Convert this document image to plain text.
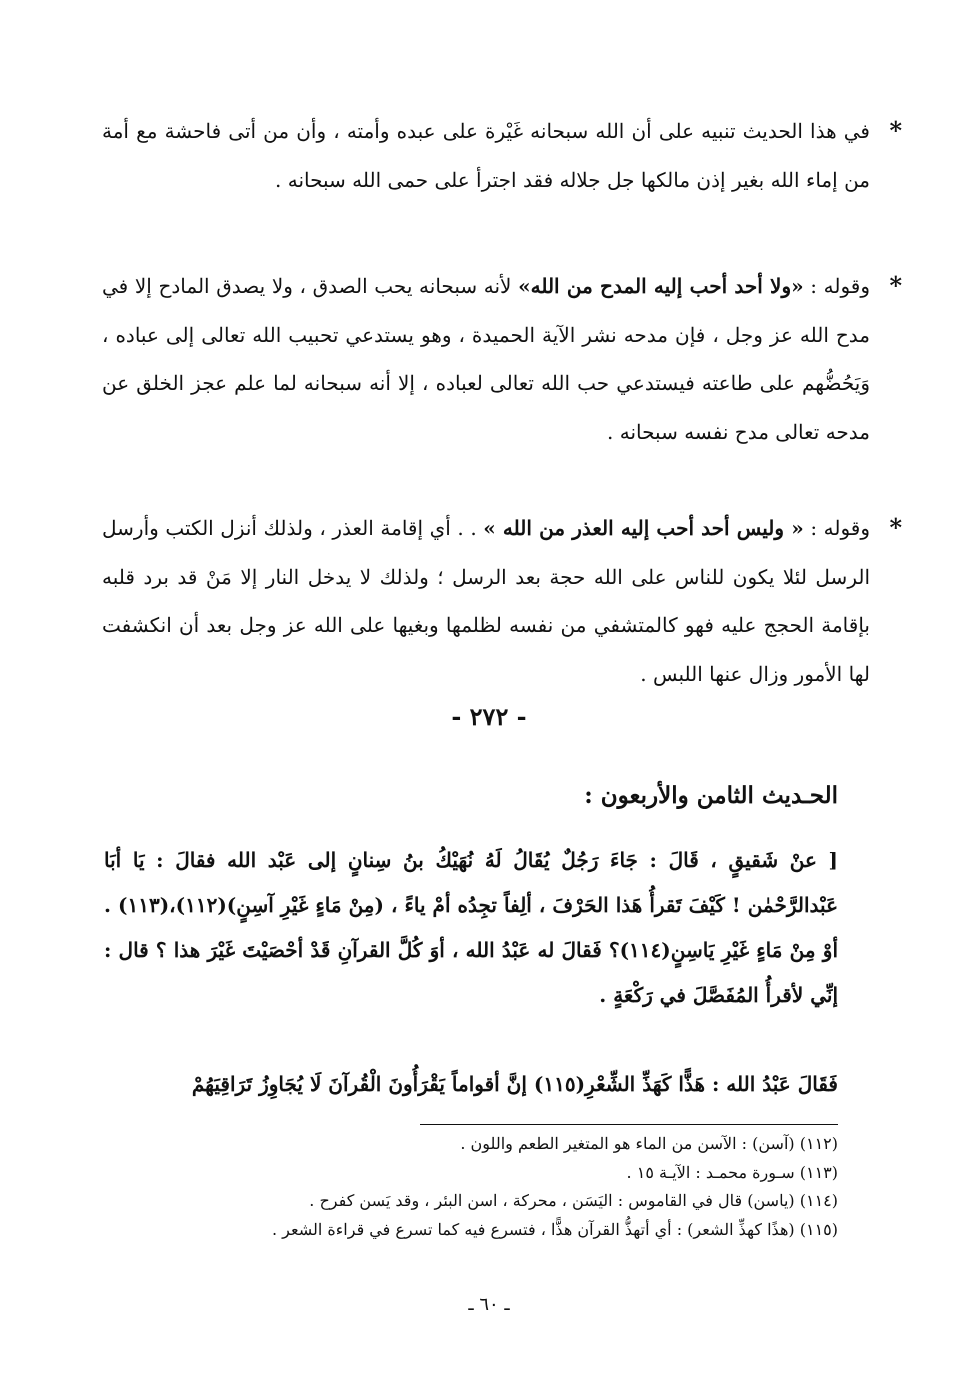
*
في هذا الحديث تنبيه على أن الله سبحانه غَيْرة على عبده وأمته ، وأن من أتى فاحشة مع أمة من إماء الله بغير إذن مالكها جل جلاله فقد اجترأ على حمى الله سبحانه .

*
وقوله : «ولا أحد أحب إليه المدح من الله» لأنه سبحانه يحب الصدق ، ولا يصدق المادح إلا في مدح الله عز وجل ، فإن مدحه نشر الآية الحميدة ، وهو يستدعي تحبيب الله تعالى إلى عباده ، وَيَحُضُّهم على طاعته فيستدعي حب الله تعالى لعباده ، إلا أنه سبحانه لما علم عجز الخلق عن مدحه تعالى مدح نفسه سبحانه .

*
وقوله : « وليس أحد أحب إليه العذر من الله » . . أي إقامة العذر ، ولذلك أنزل الكتب وأرسل الرسل لئلا يكون للناس على الله حجة بعد الرسل ؛ ولذلك لا يدخل النار إلا مَنْ قد برد قلبه بإقامة الحجج عليه فهو كالمتشفي من نفسه لظلمها وبغيها على الله عز وجل بعد أن انكشفت لها الأمور وزال عنها اللبس .

- ٢٧٢ -
الحـديث الثامن والأربعون :

[ عنْ شَقيقٍ ، قَالَ : جَاءَ رَجُلٌ يُقَالُ لَهُ نُهَيْكُ بنُ سِنانٍ إلى عَبْد الله فقالَ : يَا أبَا عَبْدالرَّحْمٰن ! كَيْفَ تَقرأُ هَذا الحَرْفَ ، ألِفاً تجِدُه أمْ ياءً ، (مِنْ مَاءٍ غَيْرِ آسِنٍ)(١١٢)،(١١٣) . أوْ مِنْ مَاءٍ غَيْرِ يَاسِنٍ(١١٤)؟ فَقالَ له عَبْدُ الله ، أوَ كُلَّ القرآنِ قَدْ أحْصَيْتَ غَيْرَ هذا ؟ قال : إنِّي لأقرأُ المُفَصَّلَ في رَكْعَةٍ .

فَقَالَ عَبْدُ الله : هَذًّا كَهَذِّ الشِّعْرِ(١١٥) إنَّ أقواماً يَقْرَأُونَ الْقُرآنَ لَا يُجَاوِزُ تَرَاقِيَهُمْ

(١١٢) (آسن) : الآسن من الماء هو المتغير الطعم واللون .
(١١٣) سـورة محمـد : الآيـة ١٥ .
(١١٤) (ياسن) قال في القاموس : اليَسَن ، محركة ، اسن البئر ، وقد يَسن كفرح .
(١١٥) (هذًا كهذِّ الشعر) : أي أتهذُّ القرآن هذًّا ، فتسرع فيه كما تسرع في قراءة الشعر .
ـ ٦٠ ـ
